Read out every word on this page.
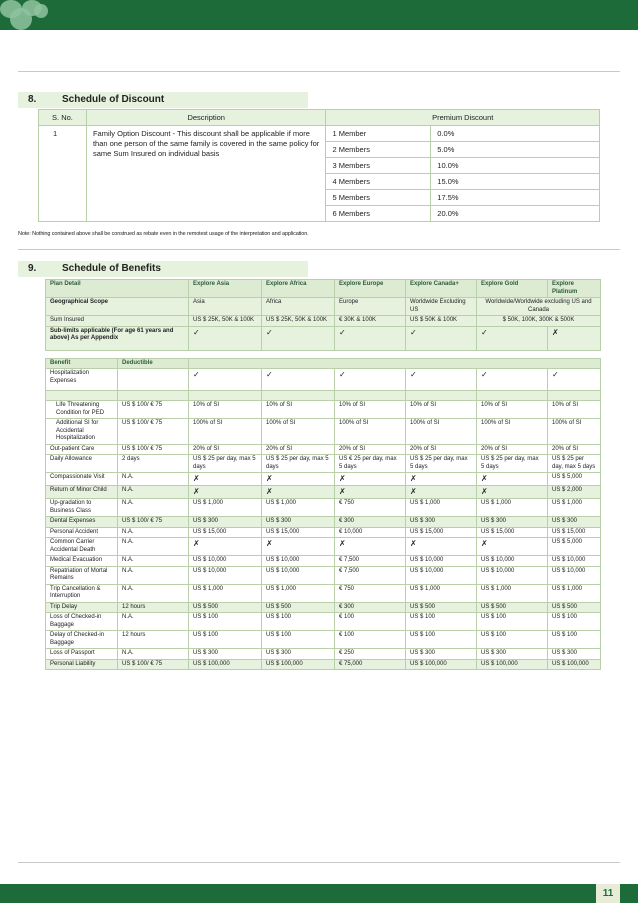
8.	Schedule of Discount
S. No.	Description	Premium Discount	
1	Family Option Discount - This discount shall be applicable if more than one person of the same family is covered in the same policy for same Sum Insured on individual basis	1 Member	0.0%
		2 Members	5.0%
		3 Members	10.0%
		4 Members	15.0%
		5 Members	17.5%
		6 Members	20.0%
Note: Nothing contained above shall be construed as rebate even in the remotest usage of the interpretation and application.
9.	Schedule of Benefits
Plan Detail		Explore Asia	Explore Africa	Explore Europe	Explore Canada+	Explore Gold	Explore Platinum
Geographical Scope		Asia	Africa	Europe	Worldwide Excluding US	Worldwide/Worldwide excluding US and Canada	
Sum Insured		US $ 25K, 50K & 100K	US $ 25K, 50K & 100K	€ 30K & 100K	US $ 50K & 100K	$ 50K, 100K, 300K & 500K	
Sub-limits applicable (For age 61 years and above) As per Appendix		✓	✓	✓	✓	✓	✗

Benefit	Deductible						
Hospitalization Expenses		✓	✓	✓	✓	✓	✓

Life Threatening Condition for PED	US $ 100/ € 75	10% of SI	10% of SI	10% of SI	10% of SI	10% of SI	10% of SI
Additional SI for Accidental Hospitalization	US $ 100/ € 75	100% of SI	100% of SI	100% of SI	100% of SI	100% of SI	100% of SI
Out-patient Care	US $ 100/ € 75	20% of SI	20% of SI	20% of SI	20% of SI	20% of SI	20% of SI
Daily Allowance	2 days	US $ 25 per day, max 5 days	US $ 25 per day, max 5 days	US € 25 per day, max 5 days	US $ 25 per day, max 5 days	US $ 25 per day, max 5 days	US $ 25 per day, max 5 days
Compassionate Visit	N.A.	✗	✗	✗	✗	✗	US $ 5,000
Return of Minor Child	N.A.	✗	✗	✗	✗	✗	US $ 2,000
Up-gradation to Business Class	N.A.	US $ 1,000	US $ 1,000	€ 750	US $ 1,000	US $ 1,000	US $ 1,000
Dental Expenses	US $ 100/ € 75	US $ 300	US $ 300	€ 300	US $ 300	US $ 300	US $ 300
Personal Accident	N.A.	US $ 15,000	US $ 15,000	€ 10,000	US $ 15,000	US $ 15,000	US $ 15,000
Common Carrier Accidental Death	N.A.	✗	✗	✗	✗	✗	US $ 5,000
Medical Evacuation	N.A.	US $ 10,000	US $ 10,000	€ 7,500	US $ 10,000	US $ 10,000	US $ 10,000
Repatriation of Mortal Remains	N.A.	US $ 10,000	US $ 10,000	€ 7,500	US $ 10,000	US $ 10,000	US $ 10,000
Trip Cancellation & Interruption	N.A.	US $ 1,000	US $ 1,000	€ 750	US $ 1,000	US $ 1,000	US $ 1,000
Trip Delay	12 hours	US $ 500	US $ 500	€ 300	US $ 500	US $ 500	US $ 500
Loss of Checked-in Baggage	N.A.	US $ 100	US $ 100	€ 100	US $ 100	US $ 100	US $ 100
Delay of Checked-in Baggage	12 hours	US $ 100	US $ 100	€ 100	US $ 100	US $ 100	US $ 100
Loss of Passport	N.A.	US $ 300	US $ 300	€ 250	US $ 300	US $ 300	US $ 300
Personal Liability	US $ 100/ € 75	US $ 100,000	US $ 100,000	€ 75,000	US $ 100,000	US $ 100,000	US $ 100,000
11
